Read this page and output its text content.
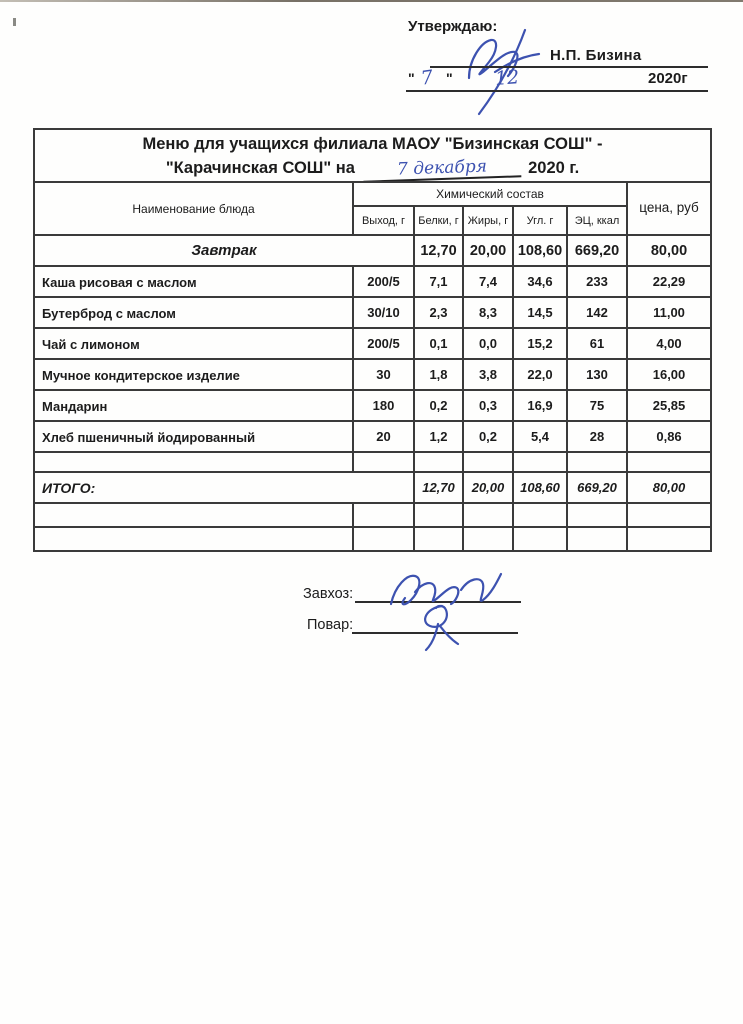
Утверждаю:
Н.П. Бизина
" 7 " 12	2020г
Меню для учащихся филиала МАОУ "Бизинская СОШ" -
"Карачинская СОШ" на 7 декабря 2020 г.						

Наименование блюда	Химический состав					цена, руб
	Выход, г	Белки, г	Жиры, г	Угл. г	ЭЦ, ккал	
Завтрак		12,70	20,00	108,60	669,20	80,00
Каша рисовая с маслом	200/5	7,1	7,4	34,6	233	22,29
Бутерброд с маслом	30/10	2,3	8,3	14,5	142	11,00
Чай с лимоном	200/5	0,1	0,0	15,2	61	4,00
Мучное кондитерское изделие	30	1,8	3,8	22,0	130	16,00
Мандарин	180	0,2	0,3	16,9	75	25,85
Хлеб пшеничный йодированный	20	1,2	0,2	5,4	28	0,86

ИТОГО:		12,70	20,00	108,60	669,20	80,00

Завхоз:
Повар:
